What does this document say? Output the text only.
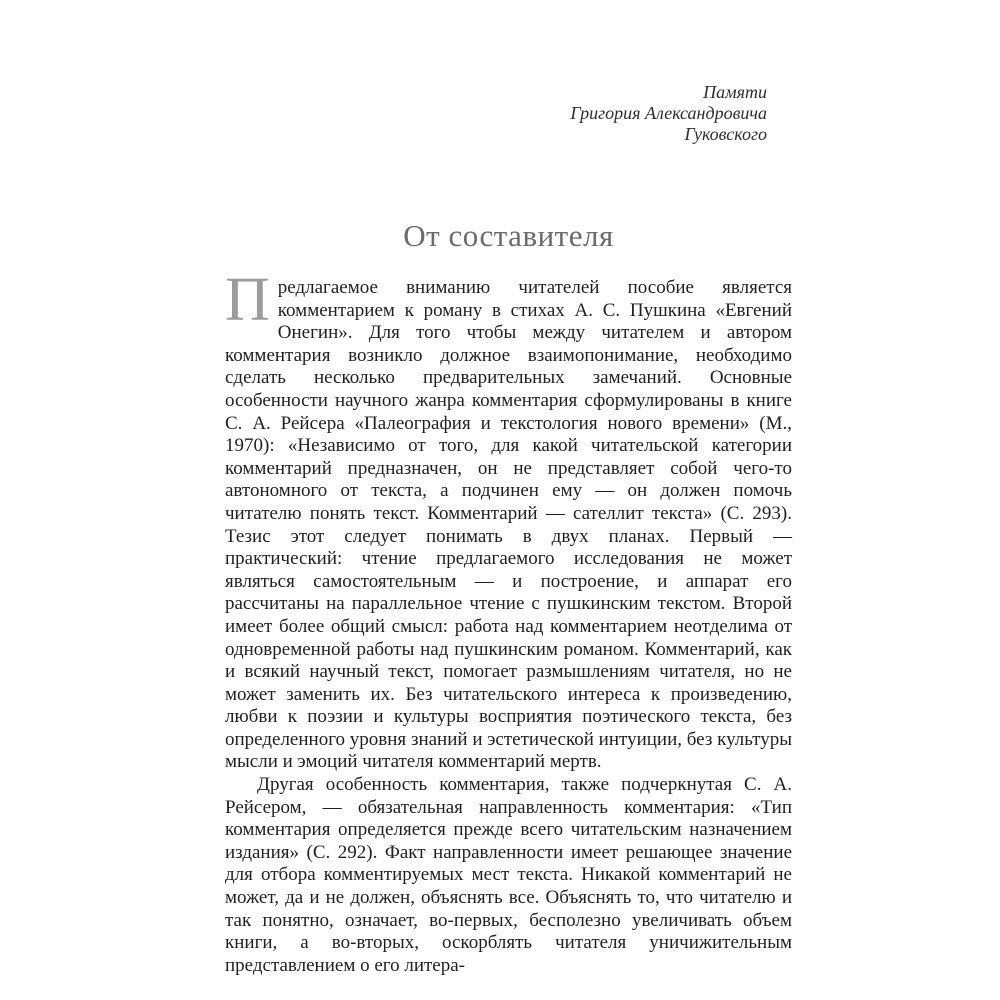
Памяти
Григория Александровича
Гуковского
От составителя

Предлагаемое вниманию читателей пособие является комментарием к роману в стихах А. С. Пушкина «Евгений Онегин». Для того чтобы между читателем и автором комментария возникло должное взаимопонимание, необходимо сделать несколько предварительных замечаний. Основные особенности научного жанра комментария сформулированы в книге С. А. Рейсера «Палеография и текстология нового времени» (М., 1970): «Независимо от того, для какой читательской категории комментарий предназначен, он не представляет собой чего-то автономного от текста, а подчинен ему — он должен помочь читателю понять текст. Комментарий — сателлит текста» (С. 293). Тезис этот следует понимать в двух планах. Первый — практический: чтение предлагаемого исследования не может являться самостоятельным — и построение, и аппарат его рассчитаны на параллельное чтение с пушкинским текстом. Второй имеет более общий смысл: работа над комментарием неотделима от одновременной работы над пушкинским романом. Комментарий, как и всякий научный текст, помогает размышлениям читателя, но не может заменить их. Без читательского интереса к произведению, любви к поэзии и культуры восприятия поэтического текста, без определенного уровня знаний и эстетической интуиции, без культуры мысли и эмоций читателя комментарий мертв.

Другая особенность комментария, также подчеркнутая С. А. Рейсером, — обязательная направленность комментария: «Тип комментария определяется прежде всего читательским назначением издания» (С. 292). Факт направленности имеет решающее значение для отбора комментируемых мест текста. Никакой комментарий не может, да и не должен, объяснять все. Объяснять то, что читателю и так понятно, означает, во-первых, бесполезно увеличивать объем книги, а во-вторых, оскорблять читателя уничижительным представлением о его литера-
